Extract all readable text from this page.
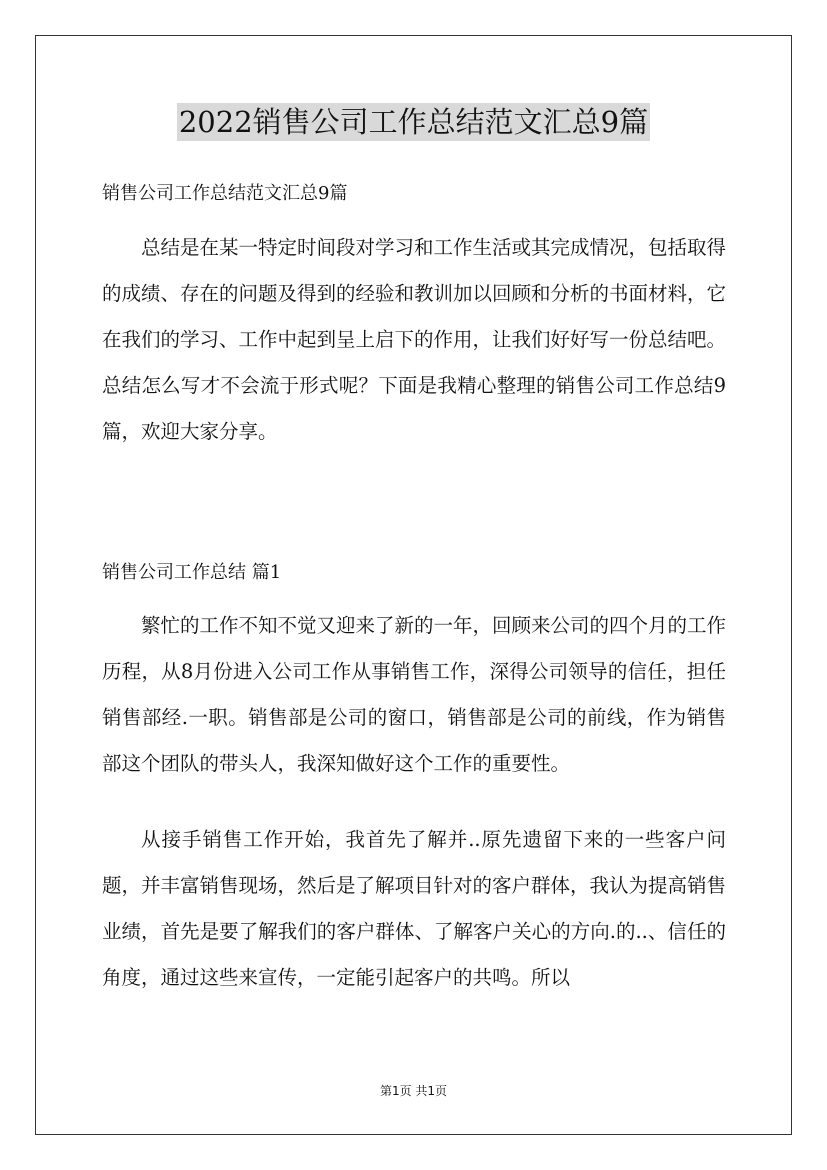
2022销售公司工作总结范文汇总9篇
销售公司工作总结范文汇总9篇

总结是在某一特定时间段对学习和工作生活或其完成情况，包括取得的成绩、存在的问题及得到的经验和教训加以回顾和分析的书面材料，它在我们的学习、工作中起到呈上启下的作用，让我们好好写一份总结吧。总结怎么写才不会流于形式呢？下面是我精心整理的销售公司工作总结9篇，欢迎大家分享。

销售公司工作总结 篇1

繁忙的工作不知不觉又迎来了新的一年，回顾来公司的四个月的工作历程，从8月份进入公司工作从事销售工作，深得公司领导的信任，担任销售部经.一职。销售部是公司的窗口，销售部是公司的前线，作为销售部这个团队的带头人，我深知做好这个工作的重要性。

从接手销售工作开始，我首先了解并..原先遗留下来的一些客户问题，并丰富销售现场，然后是了解项目针对的客户群体，我认为提高销售业绩，首先是要了解我们的客户群体、了解客户关心的方向.的..、信任的角度，通过这些来宣传，一定能引起客户的共鸣。所以

第1页 共1页
